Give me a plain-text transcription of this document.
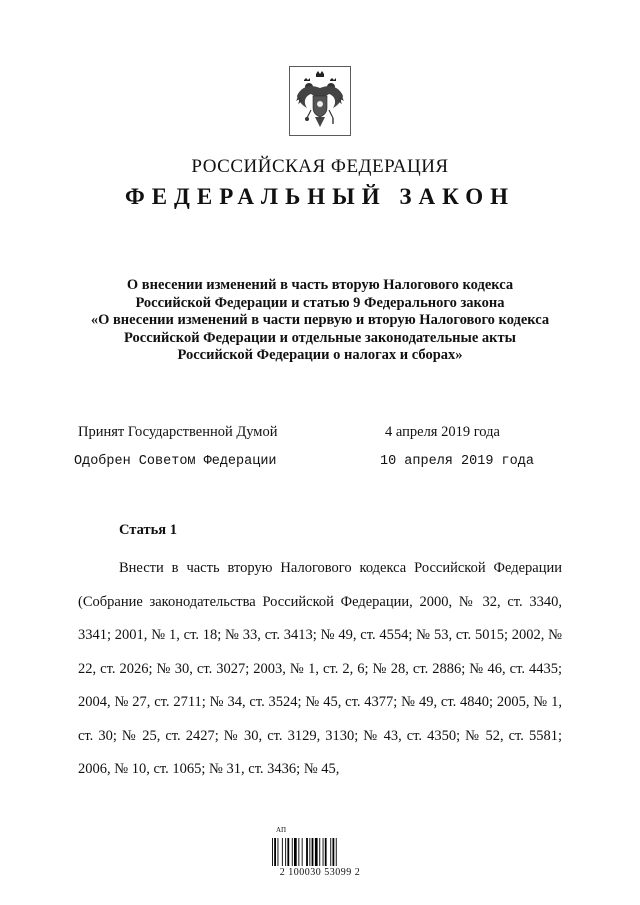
РОССИЙСКАЯ ФЕДЕРАЦИЯ
ФЕДЕРАЛЬНЫЙ ЗАКОН
О внесении изменений в часть вторую Налогового кодекса
Российской Федерации и статью 9 Федерального закона
«О внесении изменений в части первую и вторую Налогового кодекса
Российской Федерации и отдельные законодательные акты
Российской Федерации о налогах и сборах»
Принят Государственной Думой	4 апреля 2019 года
Одобрен Советом Федерации	10 апреля 2019 года
Статья 1
Внести в часть вторую Налогового кодекса Российской Федерации (Собрание законодательства Российской Федерации, 2000, № 32, ст. 3340, 3341; 2001, № 1, ст. 18; № 33, ст. 3413; № 49, ст. 4554; № 53, ст. 5015; 2002, № 22, ст. 2026; № 30, ст. 3027; 2003, № 1, ст. 2, 6; № 28, ст. 2886; № 46, ст. 4435; 2004, № 27, ст. 2711; № 34, ст. 3524; № 45, ст. 4377; № 49, ст. 4840; 2005, № 1, ст. 30; № 25, ст. 2427; № 30, ст. 3129, 3130; № 43, ст. 4350; № 52, ст. 5581; 2006, № 10, ст. 1065; № 31, ст. 3436; № 45,
АП
2 100030 53099 2
